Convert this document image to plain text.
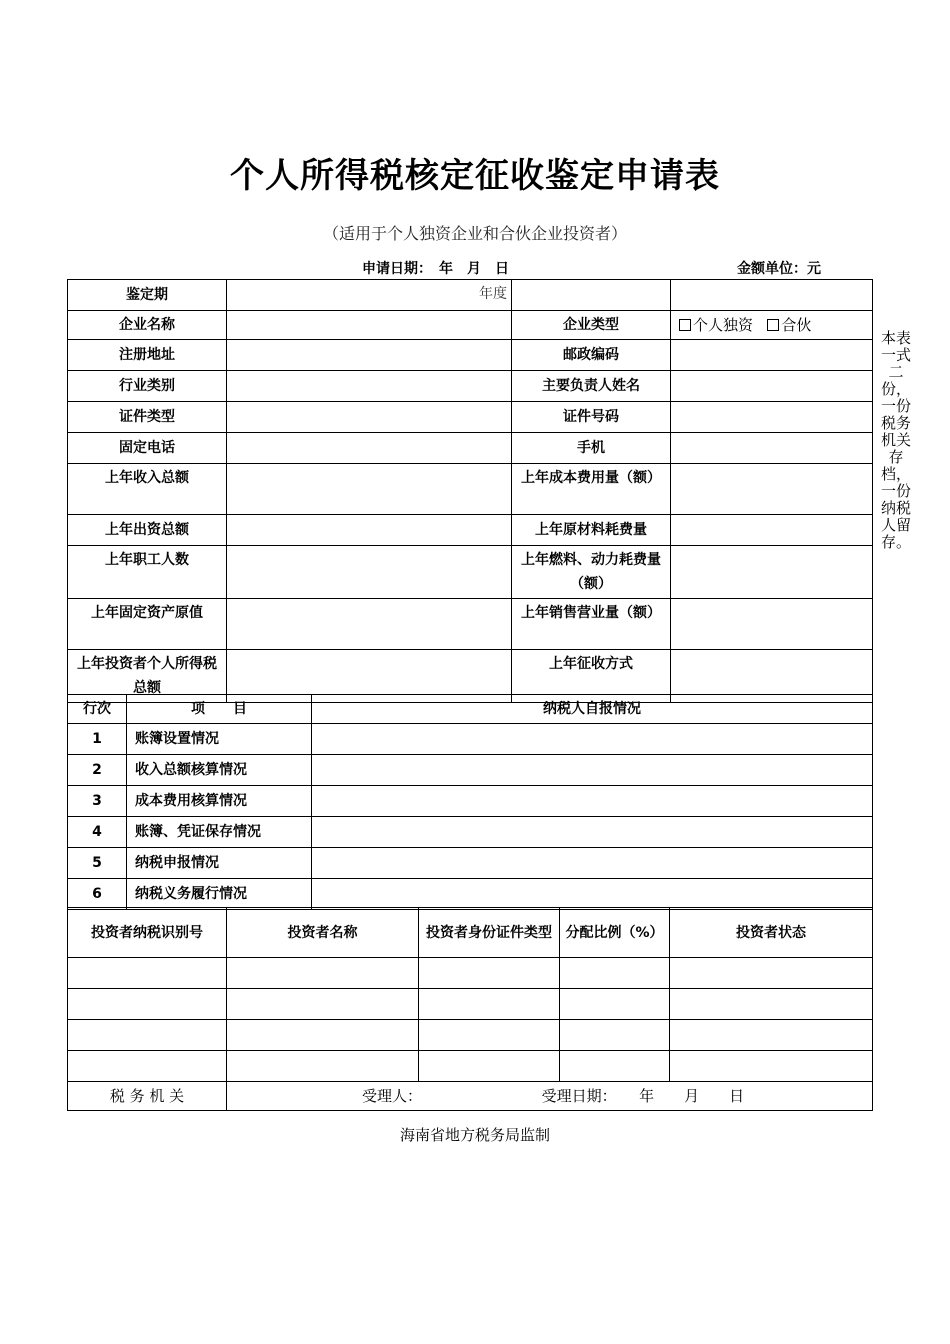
个人所得税核定征收鉴定申请表
（适用于个人独资企业和合伙企业投资者）
申请日期：　年　月　日	金额单位：元
本表一式二份，一份税务机关存档，一份纳税人留存。
鉴定期	年度		
企业名称		企业类型	个人独资 合伙
注册地址		邮政编码	
行业类别		主要负责人姓名	
证件类型		证件号码	
固定电话		手机	
上年收入总额		上年成本费用量（额）	
上年出资总额		上年原材料耗费量	
上年职工人数		上年燃料、动力耗费量（额）	
上年固定资产原值		上年销售营业量（额）	
上年投资者个人所得税总额		上年征收方式	
行次	项　　目	纳税人自报情况
1	账簿设置情况	
2	收入总额核算情况	
3	成本费用核算情况	
4	账簿、凭证保存情况	
5	纳税申报情况	
6	纳税义务履行情况	
投资者纳税识别号	投资者名称	投资者身份证件类型	分配比例（%）	投资者状态

税 务 机 关	受理人： 受理日期：　　年　　月　　日			
海南省地方税务局监制
